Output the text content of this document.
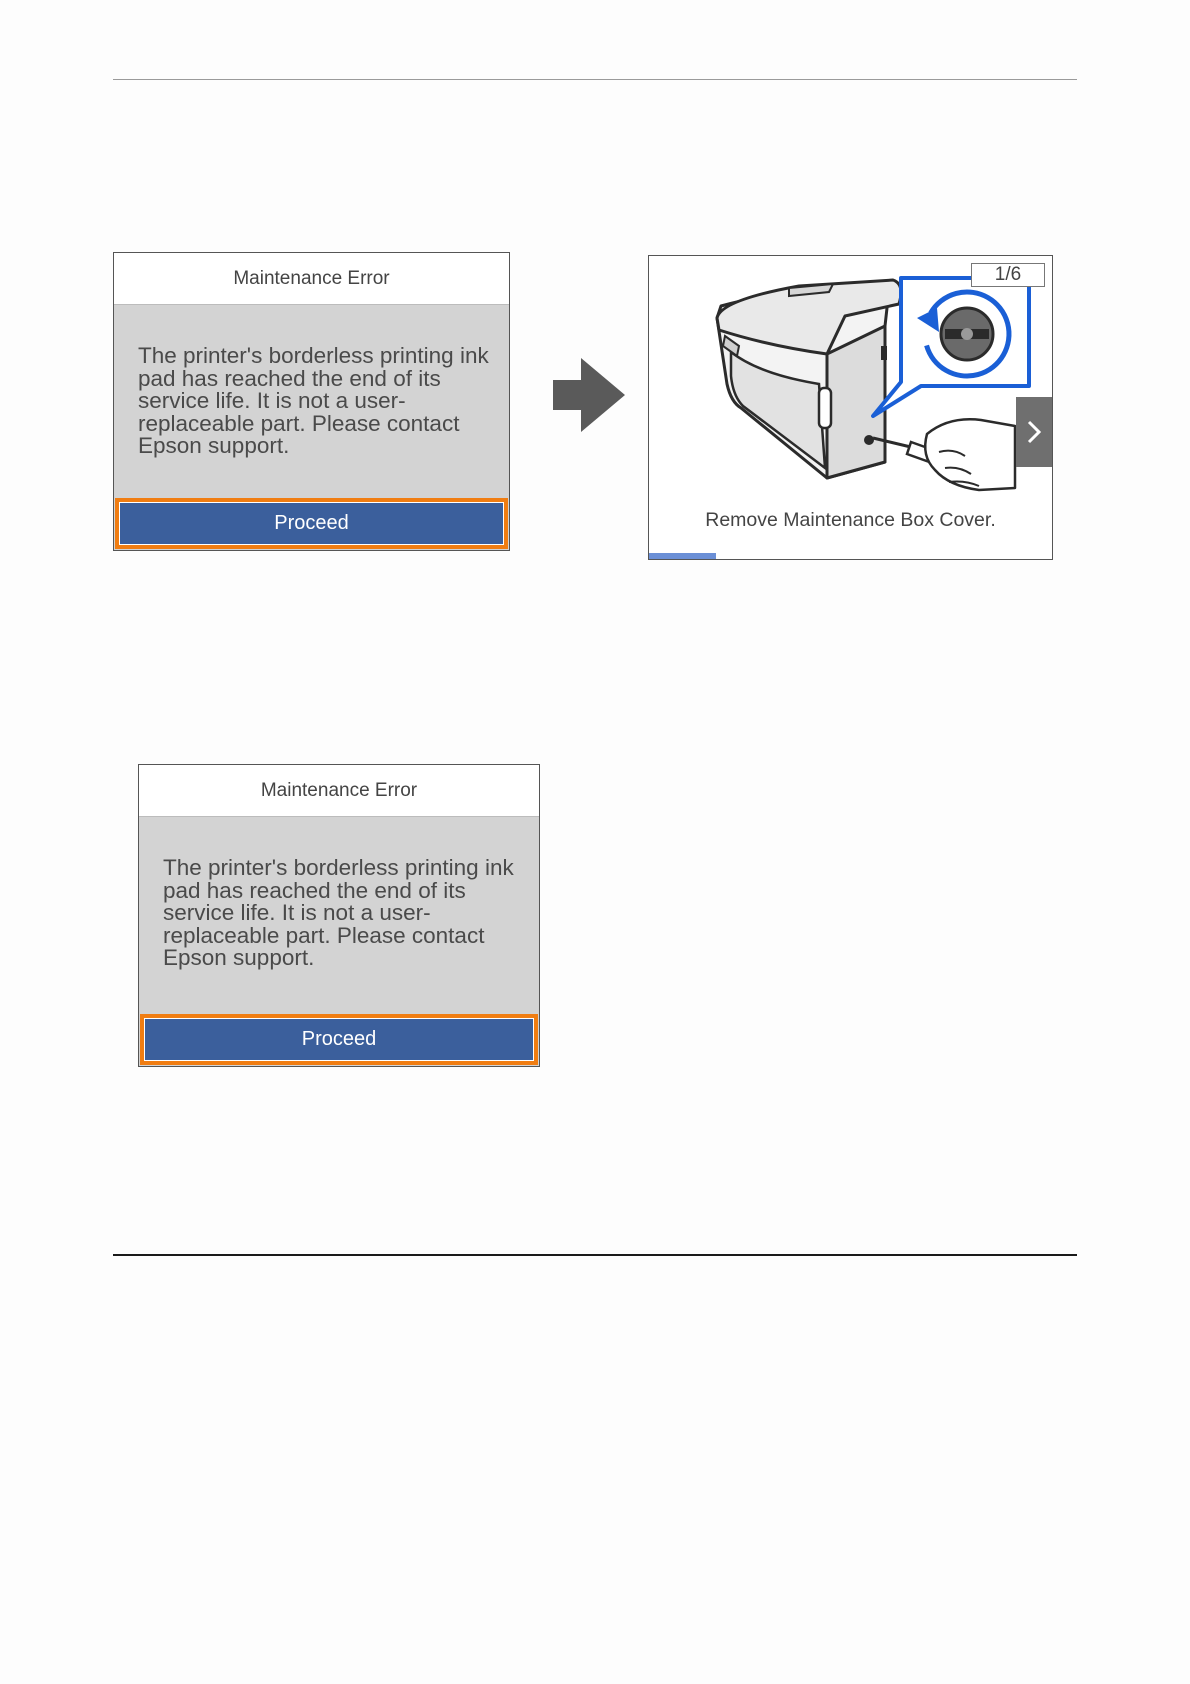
Maintenance Error
The printer's borderless printing ink
pad has reached the end of its
service life. It is not a user-
replaceable part. Please contact
Epson support.
Proceed
1/6
Remove Maintenance Box Cover.
Maintenance Error
The printer's borderless printing ink
pad has reached the end of its
service life. It is not a user-
replaceable part. Please contact
Epson support.
Proceed
